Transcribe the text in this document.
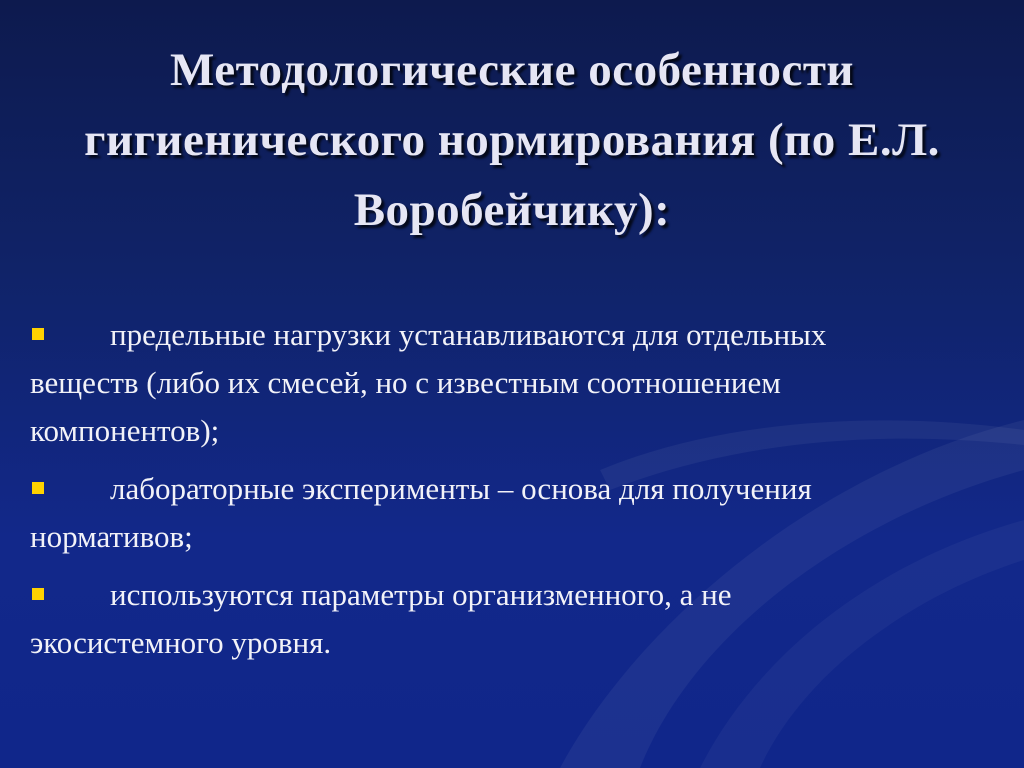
Методологические особенности гигиенического нормирования (по Е.Л. Воробейчику):
предельные нагрузки устанавливаются для отдельных веществ (либо их смесей, но с известным соотношением компонентов);
лабораторные эксперименты – основа для получения нормативов;
используются параметры организменного, а не экосистемного уровня.
